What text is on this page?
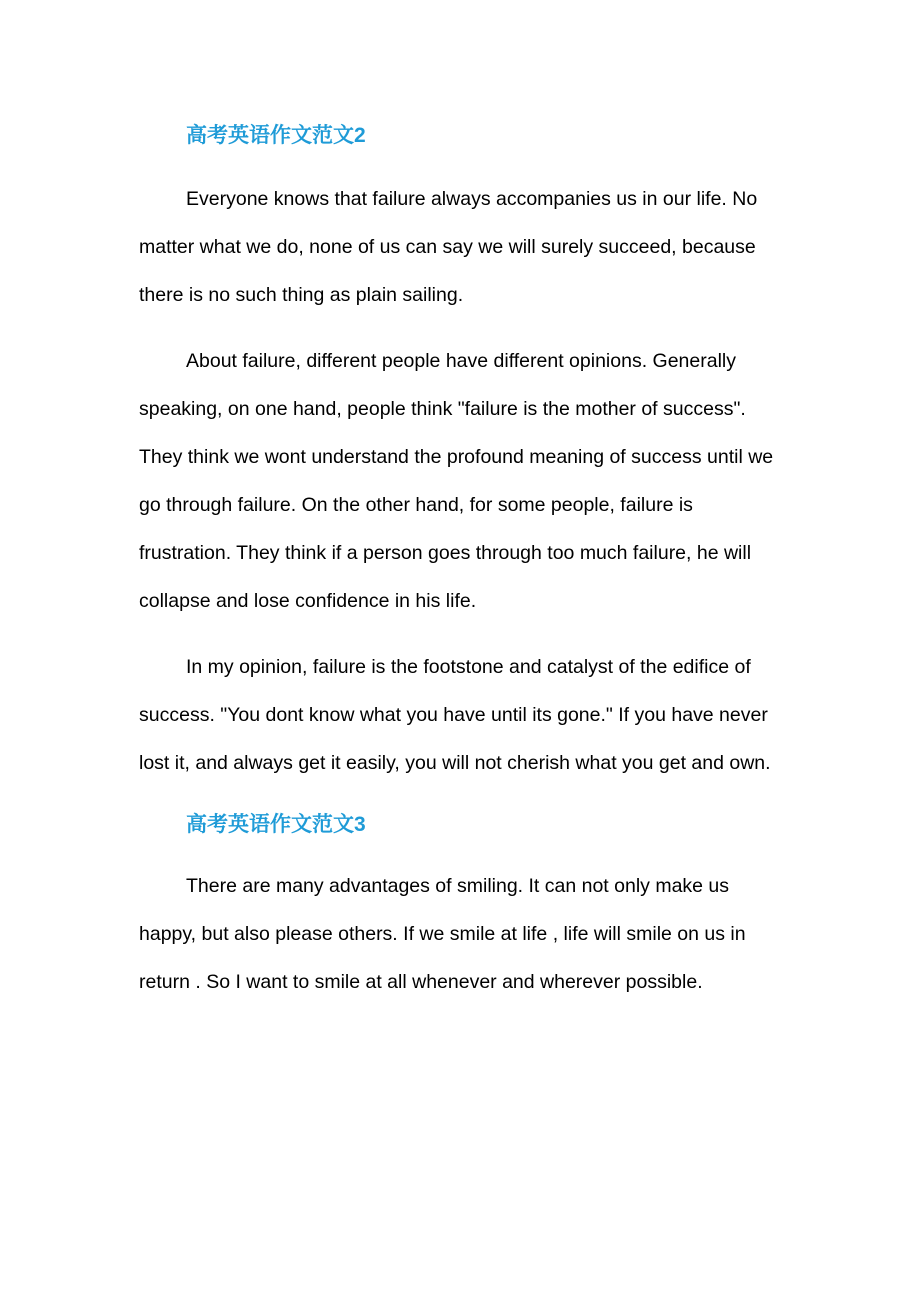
高考英语作文范文2

Everyone knows that failure always accompanies us in our life. No matter what we do, none of us can say we will surely succeed, because there is no such thing as plain sailing.

About failure, different people have different opinions. Generally speaking, on one hand, people think "failure is the mother of success". They think we wont understand the profound meaning of success until we go through failure. On the other hand, for some people, failure is frustration. They think if a person goes through too much failure, he will collapse and lose confidence in his life.

In my opinion, failure is the footstone and catalyst of the edifice of success. "You dont know what you have until its gone." If you have never lost it, and always get it easily, you will not cherish what you get and own.

高考英语作文范文3

There are many advantages of smiling. It can not only make us happy, but also please others. If we smile at life , life will smile on us in return . So I want to smile at all whenever and wherever possible.
